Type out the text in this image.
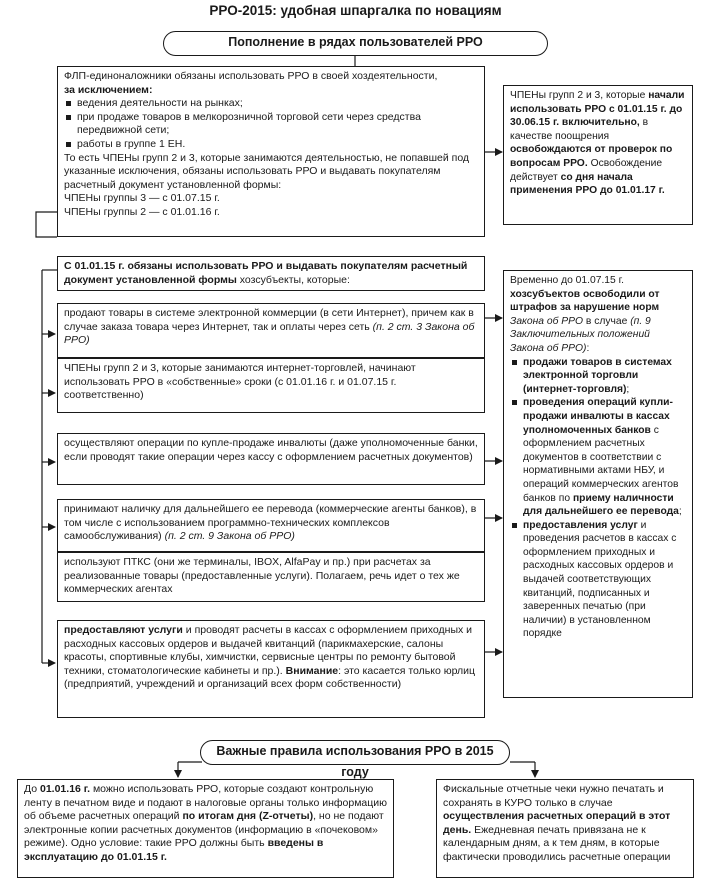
РРО-2015: удобная шпаргалка по новациям
Пополнение в рядах пользователей РРО

ФЛП-единоналожники обязаны использовать РРО в своей хоздеятельности,

за исключением:

ведения деятельности на рынках;
при продаже товаров в мелкорозничной торговой сети через средства передвижной сети;
работы в группе 1 ЕН.

То есть ЧПЕНы групп 2 и 3, которые занимаются деятельностью, не попавшей под указанные исключения, обязаны использовать РРО и выдавать покупателям расчетный документ установленной формы:

ЧПЕНы группы 3 — с 01.07.15 г.

ЧПЕНы группы 2 — с 01.01.16 г.

ЧПЕНы групп 2 и 3, которые начали использовать РРО с 01.01.15 г. до 30.06.15 г. включительно, в качестве поощрения освобождаются от проверок по вопросам РРО. Освобождение действует со дня начала применения РРО до 01.01.17 г.
С 01.01.15 г. обязаны использовать РРО и выдавать покупателям расчетный документ установленной формы хозсубъекты, которые:
продают товары в системе электронной коммерции (в сети Интернет), причем как в случае заказа товара через Интернет, так и оплаты через сеть (п. 2 ст. 3 Закона об РРО)
ЧПЕНы групп 2 и 3, которые занимаются интернет-торговлей, начинают использовать РРО в «собственные» сроки (с 01.01.16 г. и 01.07.15 г. соответственно)
осуществляют операции по купле-продаже инвалюты (даже уполномоченные банки, если проводят такие операции через кассу с оформлением расчетных документов)
принимают наличку для дальнейшего ее перевода (коммерческие агенты банков), в том числе с использованием программно-технических комплексов самообслуживания) (п. 2 ст. 9 Закона об РРО)
используют ПТКС (они же терминалы, IBOX, AlfaPay и пр.) при расчетах за реализованные товары (предоставленные услуги). Полагаем, речь идет о тех же коммерческих агентах
предоставляют услуги и проводят расчеты в кассах с оформлением приходных и расходных кассовых ордеров и выдачей квитанций (парикмахерские, салоны красоты, спортивные клубы, химчистки, сервисные центры по ремонту бытовой техники, стоматологические кабинеты и пр.). Внимание: это касается только юрлиц (предприятий, учреждений и организаций всех форм собственности)
Временно до 01.07.15 г. хозсубъектов освободили от штрафов за нарушение норм Закона об РРО в случае (п. 9 Заключительных положений Закона об РРО):
продажи товаров в системах электронной торговли (интернет-торговля);
проведения операций купли-продажи инвалюты в кассах уполномоченных банков с оформлением расчетных документов в соответствии с нормативными актами НБУ, и операций коммерческих агентов банков по приему наличности для дальнейшего ее перевода;
предоставления услуг и проведения расчетов в кассах с оформлением приходных и расходных кассовых ордеров и выдачей соответствующих квитанций, подписанных и заверенных печатью (при наличии) в установленном порядке
Важные правила использования РРО в 2015 году
До 01.01.16 г. можно использовать РРО, которые создают контрольную ленту в печатном виде и подают в налоговые органы только информацию об объеме расчетных операций по итогам дня (Z-отчеты), но не подают электронные копии расчетных документов (информацию в «почековом» режиме). Одно условие: такие РРО должны быть введены в эксплуатацию до 01.01.15 г.
Фискальные отчетные чеки нужно печатать и сохранять в КУРО только в случае осуществления расчетных операций в этот день. Ежедневная печать привязана не к календарным дням, а к тем дням, в которые фактически проводились расчетные операции
